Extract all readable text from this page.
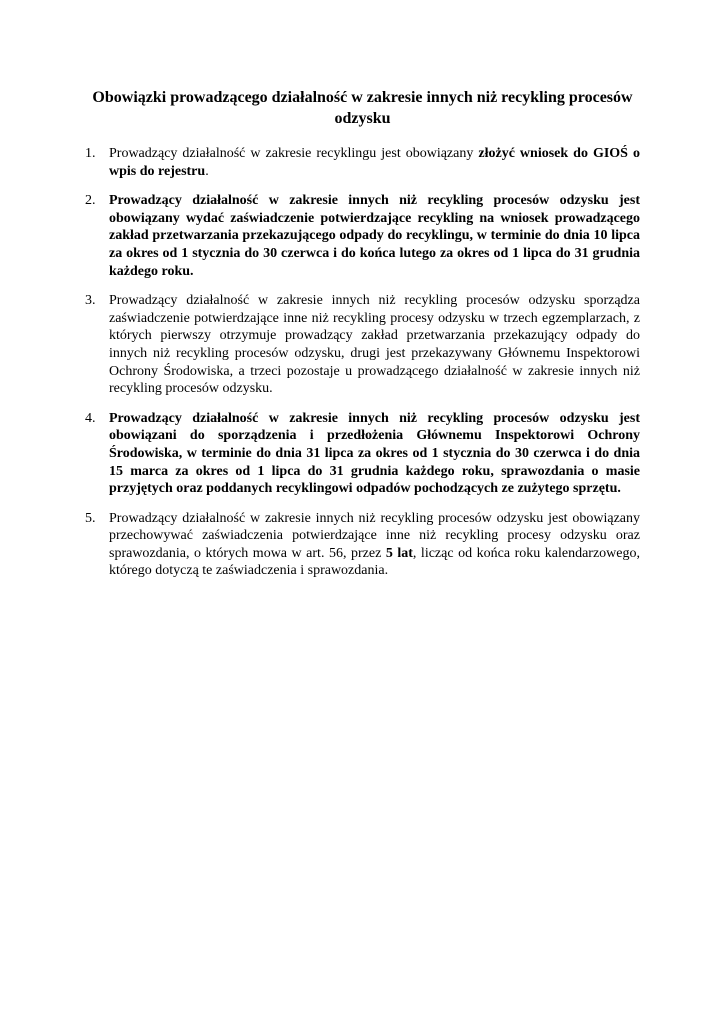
Obowiązki prowadzącego działalność w zakresie innych niż recykling procesów odzysku
1. Prowadzący działalność w zakresie recyklingu jest obowiązany złożyć wniosek do GIOŚ o wpis do rejestru.
2. Prowadzący działalność w zakresie innych niż recykling procesów odzysku jest obowiązany wydać zaświadczenie potwierdzające recykling na wniosek prowadzącego zakład przetwarzania przekazującego odpady do recyklingu, w terminie do dnia 10 lipca za okres od 1 stycznia do 30 czerwca i do końca lutego za okres od 1 lipca do 31 grudnia każdego roku.
3. Prowadzący działalność w zakresie innych niż recykling procesów odzysku sporządza zaświadczenie potwierdzające inne niż recykling procesy odzysku w trzech egzemplarzach, z których pierwszy otrzymuje prowadzący zakład przetwarzania przekazujący odpady do innych niż recykling procesów odzysku, drugi jest przekazywany Głównemu Inspektorowi Ochrony Środowiska, a trzeci pozostaje u prowadzącego działalność w zakresie innych niż recykling procesów odzysku.
4. Prowadzący działalność w zakresie innych niż recykling procesów odzysku jest obowiązani do sporządzenia i przedłożenia Głównemu Inspektorowi Ochrony Środowiska, w terminie do dnia 31 lipca za okres od 1 stycznia do 30 czerwca i do dnia 15 marca za okres od 1 lipca do 31 grudnia każdego roku, sprawozdania o masie przyjętych oraz poddanych recyklingowi odpadów pochodzących ze zużytego sprzętu.
5. Prowadzący działalność w zakresie innych niż recykling procesów odzysku jest obowiązany przechowywać zaświadczenia potwierdzające inne niż recykling procesy odzysku oraz sprawozdania, o których mowa w art. 56, przez 5 lat, licząc od końca roku kalendarzowego, którego dotyczą te zaświadczenia i sprawozdania.
